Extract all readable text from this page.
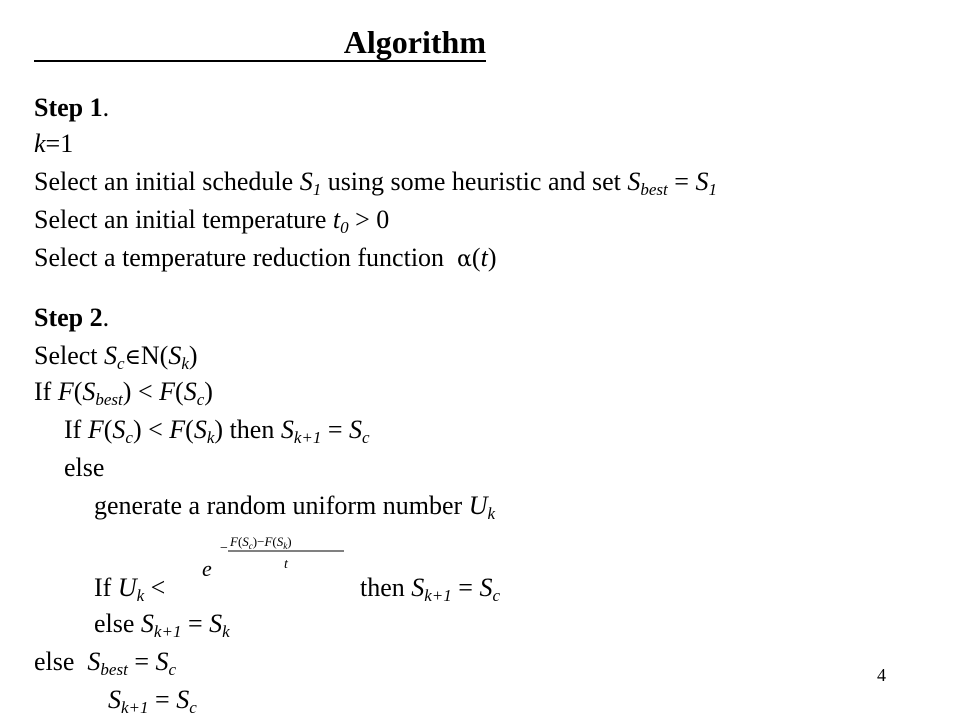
Algorithm
Step 1.
k=1
Select an initial schedule $S_1$ using some heuristic and set $S_{best} = S_1$
Select an initial temperature $t_0 > 0$
Select a temperature reduction function α(t)
Step 2.
Select $S_c\in N(S_k)$
If $F(S_{best}) < F(S_c)$
If $F(S_c) < F(S_k)$ then $S_{k+1} = S_c$
else
generate a random uniform number $U_k$
e
− $F(S_c)-F(S_k)$
t
If $U_k$ <	then $S_{k+1} = S_c$
else $S_{k+1} = S_k$
else $S_{best} = S_c$
$S_{k+1} = S_c$
4
